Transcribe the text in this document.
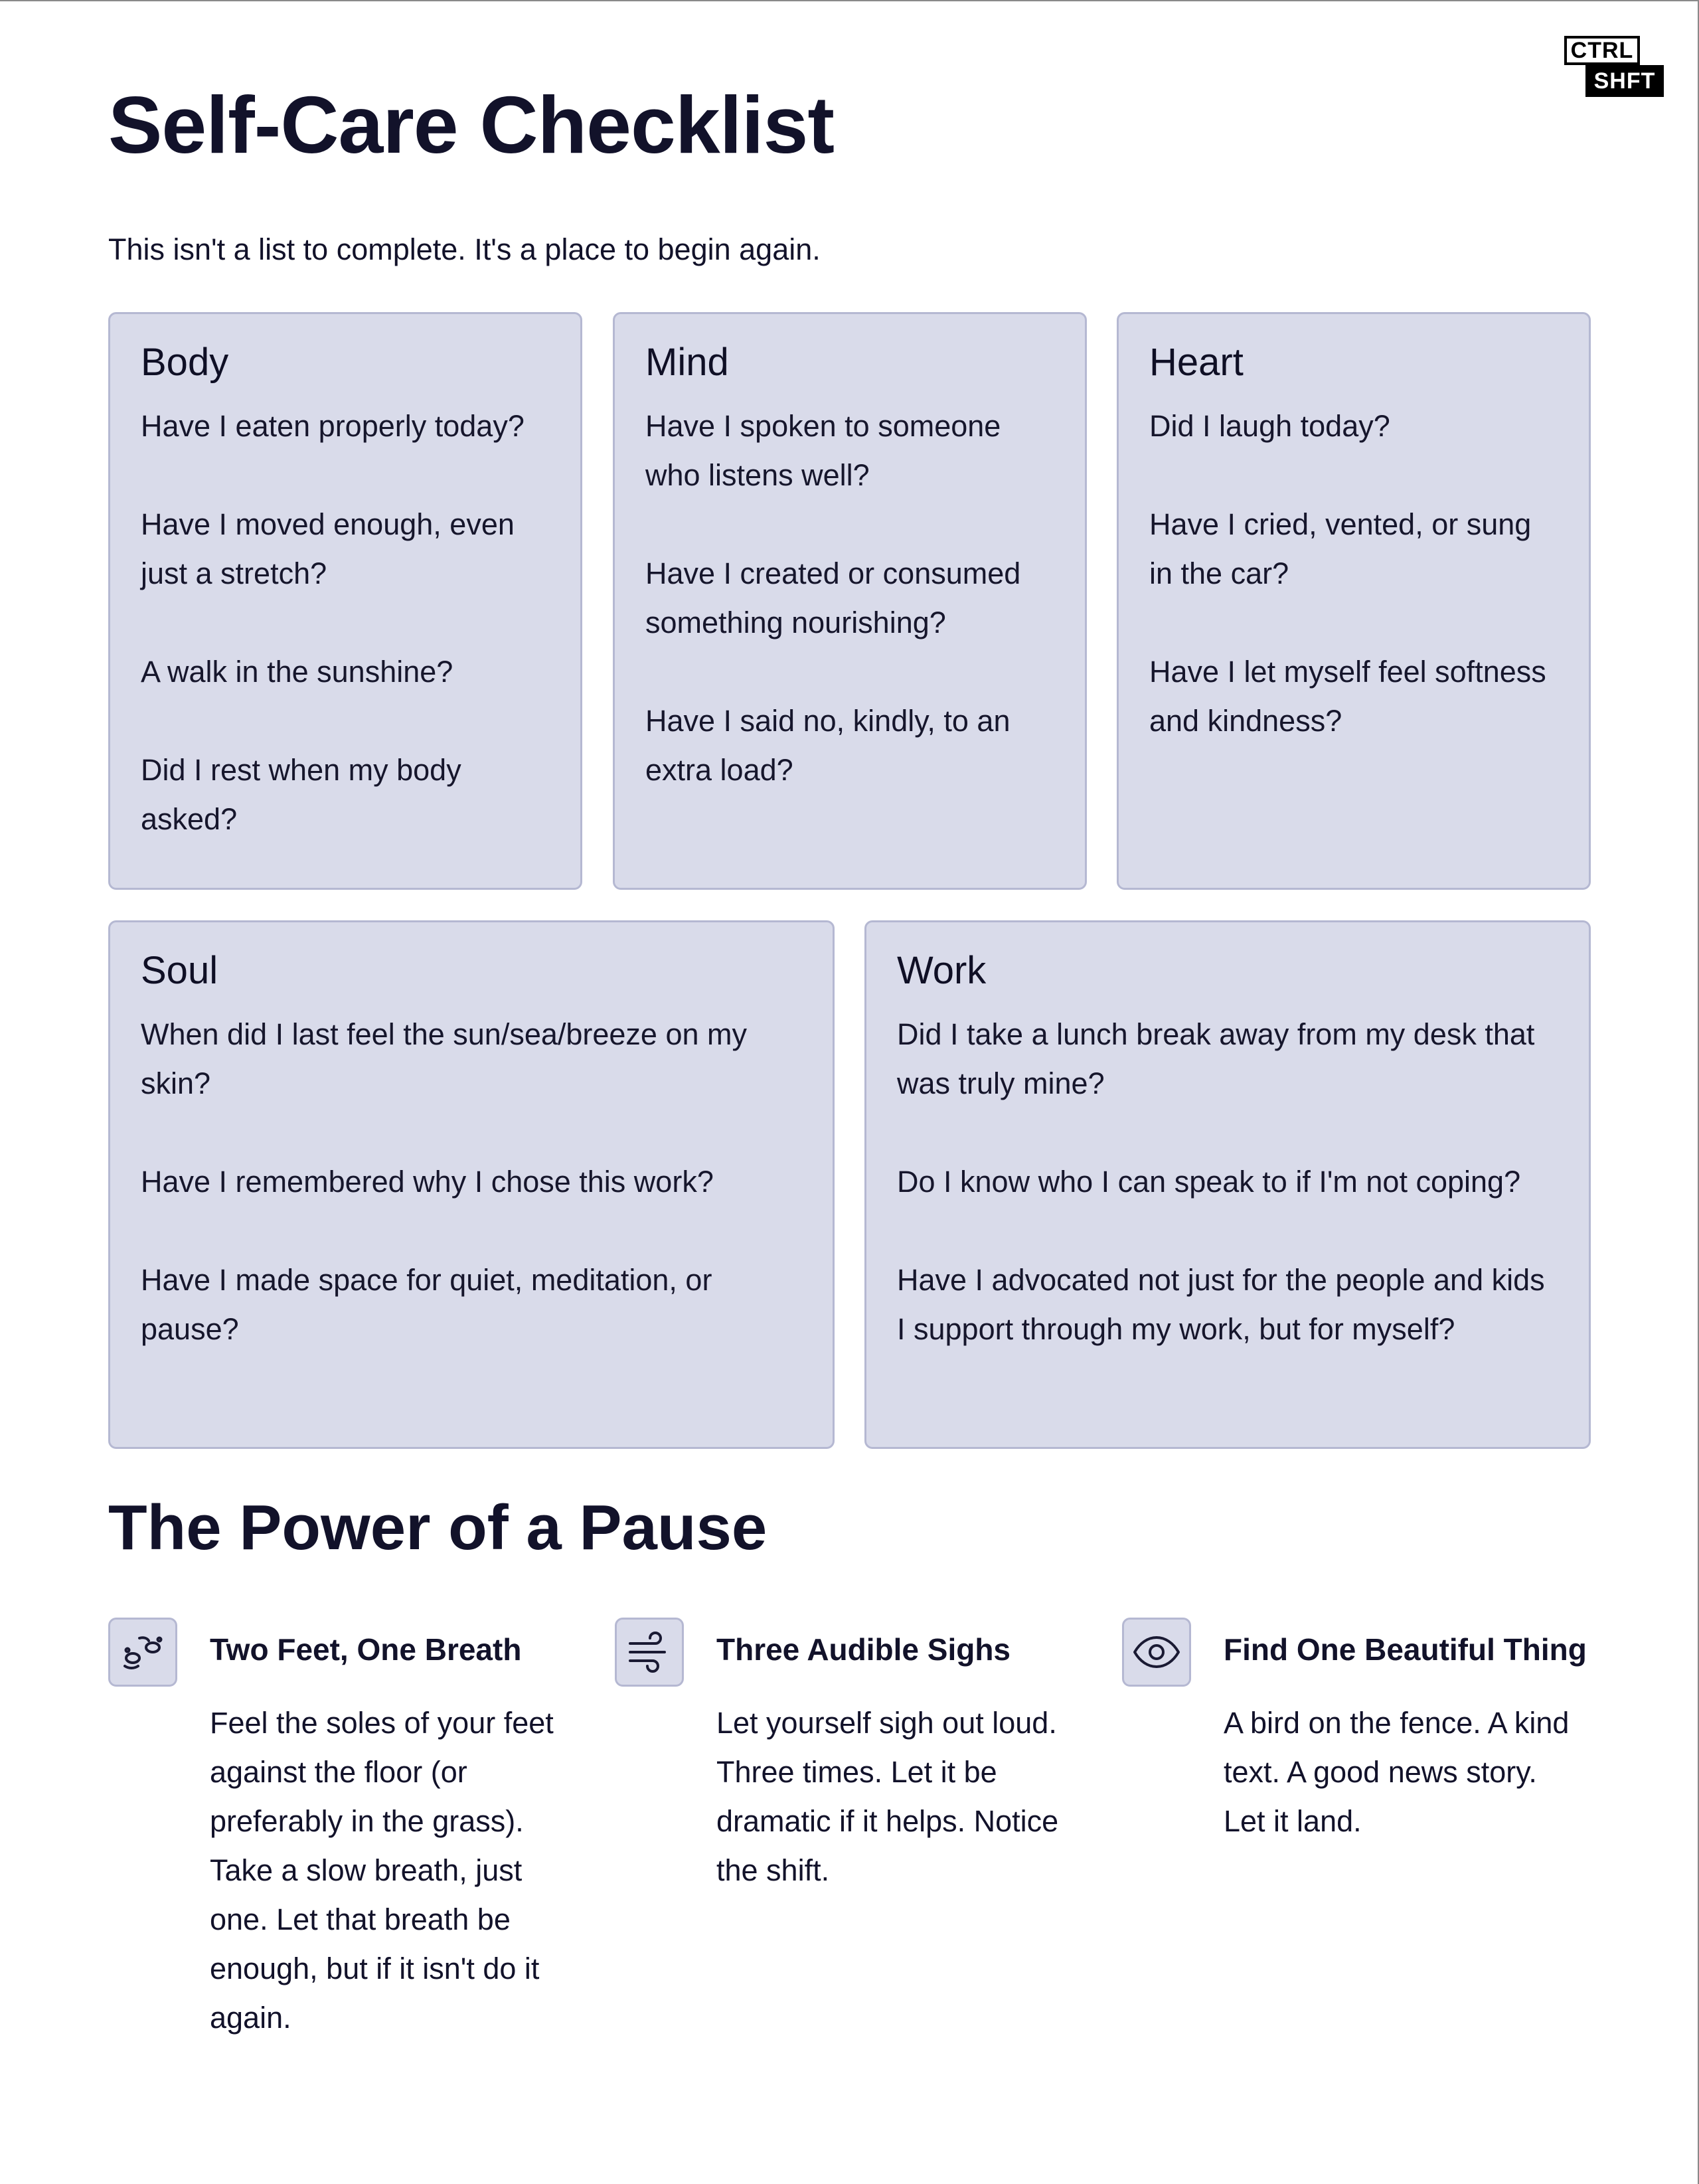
CTRL
SHFT
Self-Care Checklist

This isn't a list to complete. It's a place to begin again.

Body
Have I eaten properly today?
Have I moved enough, even just a stretch?
A walk in the sunshine?
Did I rest when my body asked?
Mind
Have I spoken to someone who listens well?
Have I created or consumed something nourishing?
Have I said no, kindly, to an extra load?
Heart
Did I laugh today?
Have I cried, vented, or sung in the car?
Have I let myself feel softness and kindness?
Soul
When did I last feel the sun/sea/breeze on my skin?
Have I remembered why I chose this work?
Have I made space for quiet, meditation, or pause?
Work
Did I take a lunch break away from my desk that was truly mine?
Do I know who I can speak to if I'm not coping?
Have I advocated not just for the people and kids I support through my work, but for myself?
The Power of a Pause
Two Feet, One Breath

Feel the soles of your feet against the floor (or preferably in the grass). Take a slow breath, just one. Let that breath be enough, but if it isn't do it again.

Three Audible Sighs

Let yourself sigh out loud. Three times. Let it be dramatic if it helps. Notice the shift.

Find One Beautiful Thing

A bird on the fence. A kind text. A good news story. Let it land.
